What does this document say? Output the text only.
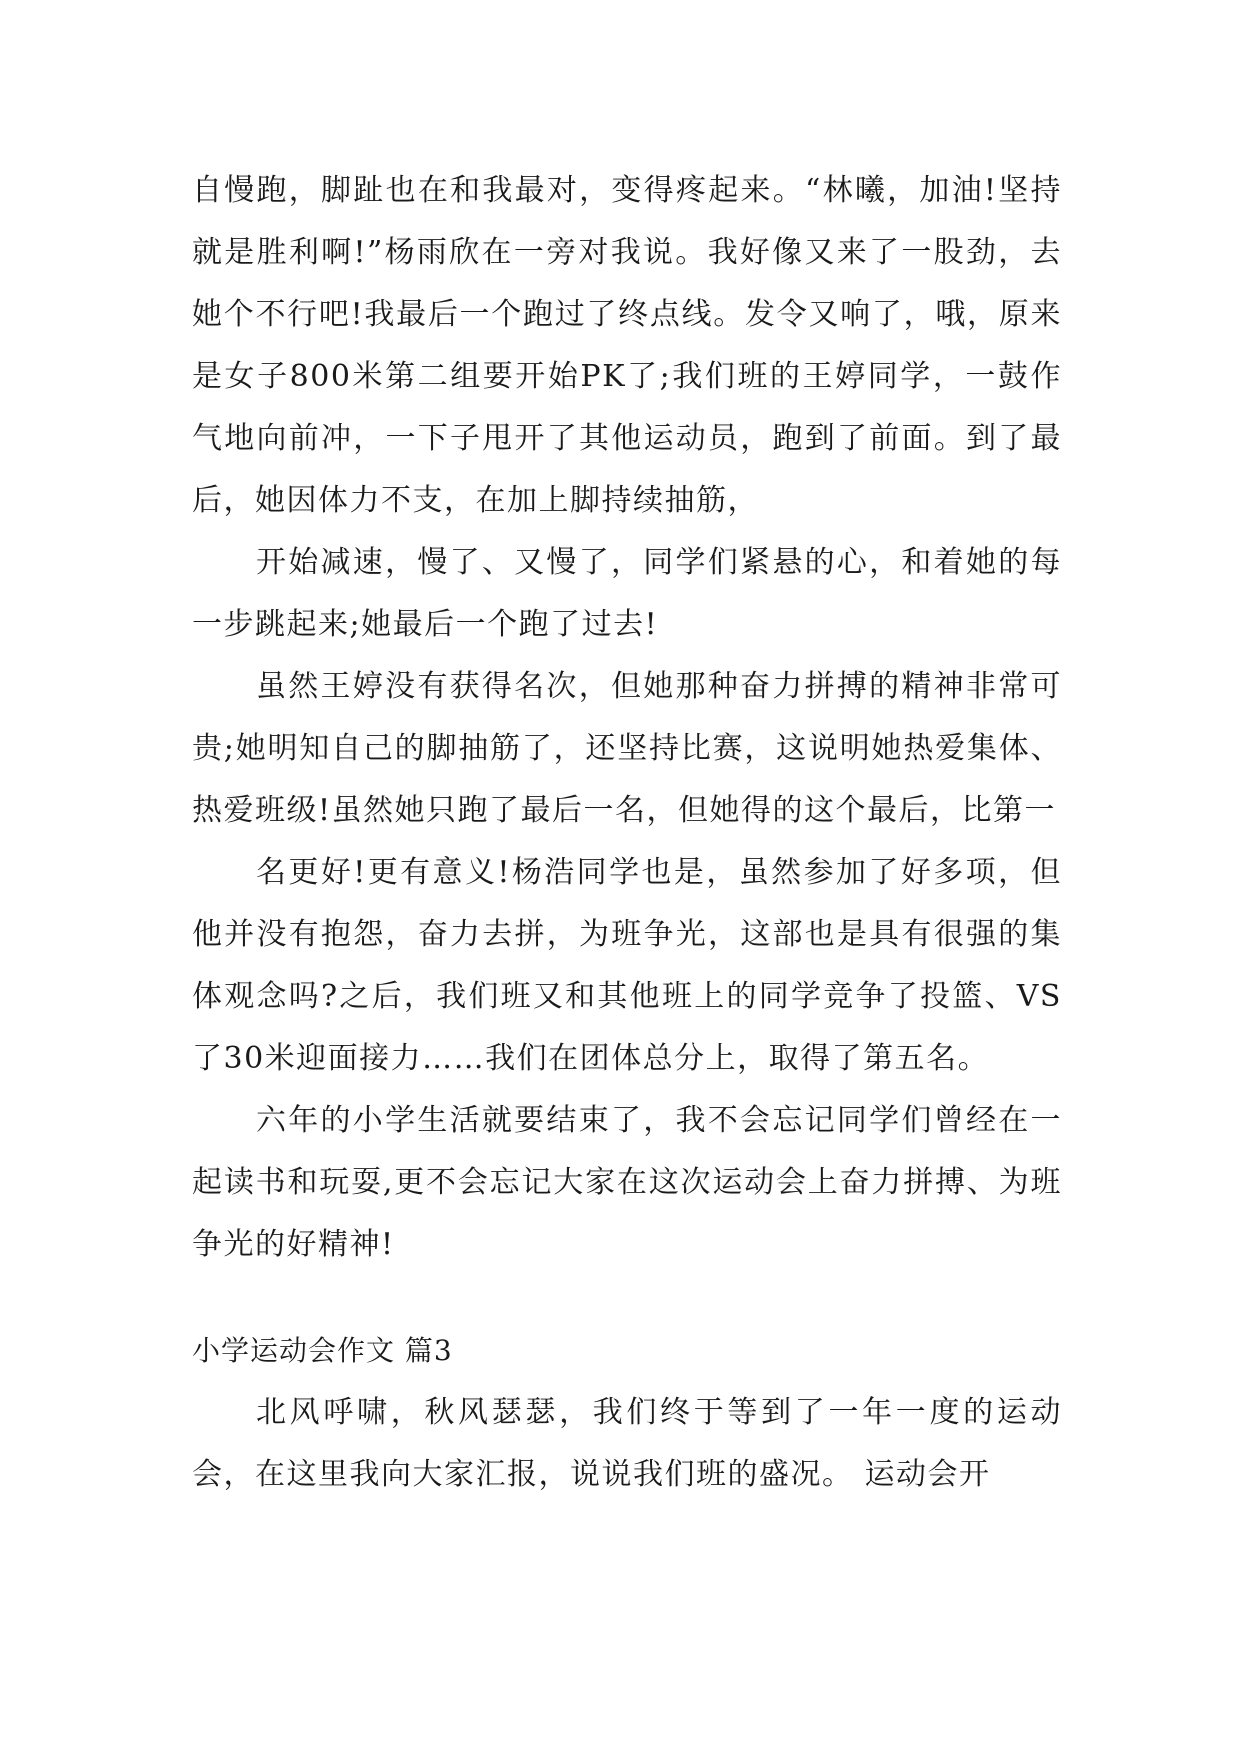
自慢跑，脚趾也在和我最对，变得疼起来。“林曦，加油!坚持就是胜利啊!”杨雨欣在一旁对我说。我好像又来了一股劲，去她个不行吧!我最后一个跑过了终点线。发令又响了，哦，原来是女子800米第二组要开始PK了;我们班的王婷同学，一鼓作气地向前冲，一下子甩开了其他运动员，跑到了前面。到了最后，她因体力不支，在加上脚持续抽筋，

开始减速，慢了、又慢了，同学们紧悬的心，和着她的每一步跳起来;她最后一个跑了过去!

虽然王婷没有获得名次，但她那种奋力拼搏的精神非常可贵;她明知自己的脚抽筋了，还坚持比赛，这说明她热爱集体、热爱班级!虽然她只跑了最后一名，但她得的这个最后，比第一

名更好!更有意义!杨浩同学也是，虽然参加了好多项，但他并没有抱怨，奋力去拼，为班争光，这部也是具有很强的集体观念吗?之后，我们班又和其他班上的同学竞争了投篮、VS了30米迎面接力……我们在团体总分上，取得了第五名。

六年的小学生活就要结束了，我不会忘记同学们曾经在一起读书和玩耍,更不会忘记大家在这次运动会上奋力拼搏、为班争光的好精神!

小学运动会作文 篇3

北风呼啸，秋风瑟瑟，我们终于等到了一年一度的运动会，在这里我向大家汇报，说说我们班的盛况。 运动会开
